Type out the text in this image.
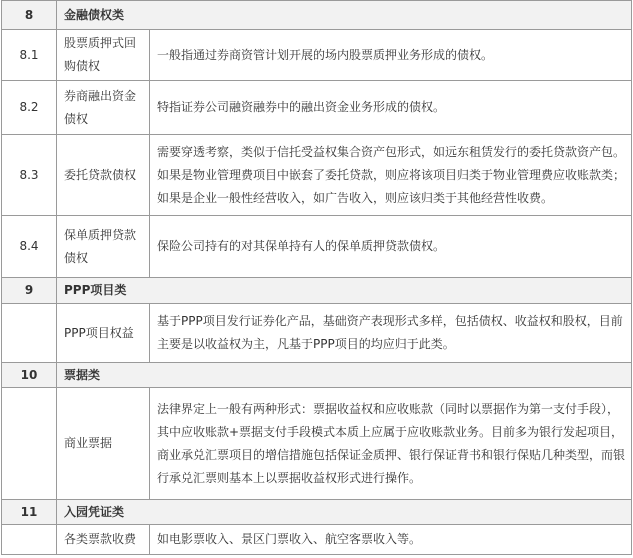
8	金融债权类	
8.1	股票质押式回购债权	一般指通过券商资管计划开展的场内股票质押业务形成的债权。
8.2	券商融出资金债权	特指证券公司融资融券中的融出资金业务形成的债权。
8.3	委托贷款债权	需要穿透考察，类似于信托受益权集合资产包形式，如远东租赁发行的委托贷款资产包。如果是物业管理费项目中嵌套了委托贷款，则应将该项目归类于物业管理费应收账款类；如果是企业一般性经营收入，如广告收入，则应该归类于其他经营性收费。
8.4	保单质押贷款债权	保险公司持有的对其保单持有人的保单质押贷款债权。
9	PPP项目类	
	PPP项目权益	基于PPP项目发行证券化产品，基础资产表现形式多样，包括债权、收益权和股权，目前主要是以收益权为主，凡基于PPP项目的均应归于此类。
10	票据类	
	商业票据	法律界定上一般有两种形式：票据收益权和应收账款（同时以票据作为第一支付手段），其中应收账款+票据支付手段模式本质上应属于应收账款业务。目前多为银行发起项目，商业承兑汇票项目的增信措施包括保证金质押、银行保证背书和银行保贴几种类型，而银行承兑汇票则基本上以票据收益权形式进行操作。
11	入园凭证类	
	各类票款收费	如电影票收入、景区门票收入、航空客票收入等。
